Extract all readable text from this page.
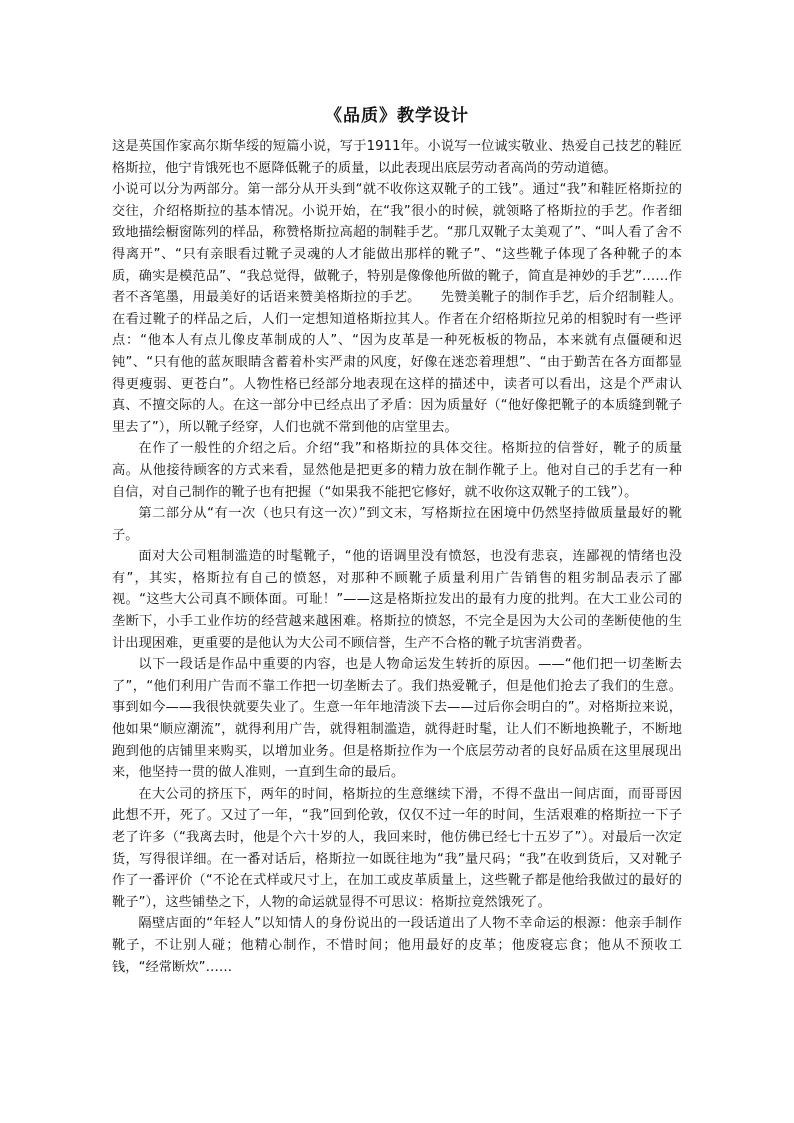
《品质》教学设计

这是英国作家高尔斯华绥的短篇小说，写于1911年。小说写一位诚实敬业、热爱自己技艺的鞋匠格斯拉，他宁肯饿死也不愿降低靴子的质量，以此表现出底层劳动者高尚的劳动道德。

小说可以分为两部分。第一部分从开头到“就不收你这双靴子的工钱”。通过“我”和鞋匠格斯拉的交往，介绍格斯拉的基本情况。小说开始，在“我”很小的时候，就领略了格斯拉的手艺。作者细致地描绘橱窗陈列的样品，称赞格斯拉高超的制鞋手艺。“那几双靴子太美观了”、“叫人看了舍不得离开”、“只有亲眼看过靴子灵魂的人才能做出那样的靴子”、“这些靴子体现了各种靴子的本质，确实是模范品”、“我总觉得，做靴子，特别是像像他所做的靴子，简直是神妙的手艺”……作者不吝笔墨，用最美好的话语来赞美格斯拉的手艺。　　先赞美靴子的制作手艺，后介绍制鞋人。在看过靴子的样品之后，人们一定想知道格斯拉其人。作者在介绍格斯拉兄弟的相貌时有一些评点：“他本人有点儿像皮革制成的人”、“因为皮革是一种死板板的物品，本来就有点僵硬和迟钝”、“只有他的蓝灰眼睛含蓄着朴实严肃的风度，好像在迷恋着理想”、“由于勤苦在各方面都显得更瘦弱、更苍白”。人物性格已经部分地表现在这样的描述中，读者可以看出，这是个严肃认真、不擅交际的人。在这一部分中已经点出了矛盾：因为质量好（“他好像把靴子的本质缝到靴子里去了”），所以靴子经穿，人们也就不常到他的店堂里去。

在作了一般性的介绍之后。介绍“我”和格斯拉的具体交往。格斯拉的信誉好，靴子的质量高。从他接待顾客的方式来看，显然他是把更多的精力放在制作靴子上。他对自己的手艺有一种自信，对自己制作的靴子也有把握（“如果我不能把它修好，就不收你这双靴子的工钱”）。

第二部分从“有一次（也只有这一次）”到文末，写格斯拉在困境中仍然坚持做质量最好的靴子。

面对大公司粗制滥造的时髦靴子，“他的语调里没有愤怒，也没有悲哀，连鄙视的情绪也没有”，其实，格斯拉有自己的愤怒，对那种不顾靴子质量利用广告销售的粗劣制品表示了鄙视。“这些大公司真不顾体面。可耻！”——这是格斯拉发出的最有力度的批判。在大工业公司的垄断下，小手工业作坊的经营越来越困难。格斯拉的愤怒，不完全是因为大公司的垄断使他的生计出现困难，更重要的是他认为大公司不顾信誉，生产不合格的靴子坑害消费者。

以下一段话是作品中重要的内容，也是人物命运发生转折的原因。——“他们把一切垄断去了”，“他们利用广告而不靠工作把一切垄断去了。我们热爱靴子，但是他们抢去了我们的生意。事到如今——我很快就要失业了。生意一年年地清淡下去——过后你会明白的”。对格斯拉来说，他如果“顺应潮流”，就得利用广告，就得粗制滥造，就得赶时髦，让人们不断地换靴子，不断地跑到他的店铺里来购买，以增加业务。但是格斯拉作为一个底层劳动者的良好品质在这里展现出来，他坚持一贯的做人准则，一直到生命的最后。

在大公司的挤压下，两年的时间，格斯拉的生意继续下滑，不得不盘出一间店面，而哥哥因此想不开，死了。又过了一年，“我”回到伦敦，仅仅不过一年的时间，生活艰难的格斯拉一下子老了许多（“我离去时，他是个六十岁的人，我回来时，他仿佛已经七十五岁了”）。对最后一次定货，写得很详细。在一番对话后，格斯拉一如既往地为“我”量尺码；“我”在收到货后，又对靴子作了一番评价（“不论在式样或尺寸上，在加工或皮革质量上，这些靴子都是他给我做过的最好的靴子”），这些铺垫之下，人物的命运就显得不可思议：格斯拉竟然饿死了。

隔壁店面的“年轻人”以知情人的身份说出的一段话道出了人物不幸命运的根源：他亲手制作靴子，不让别人碰；他精心制作，不惜时间；他用最好的皮革；他废寝忘食；他从不预收工钱，“经常断炊”……
